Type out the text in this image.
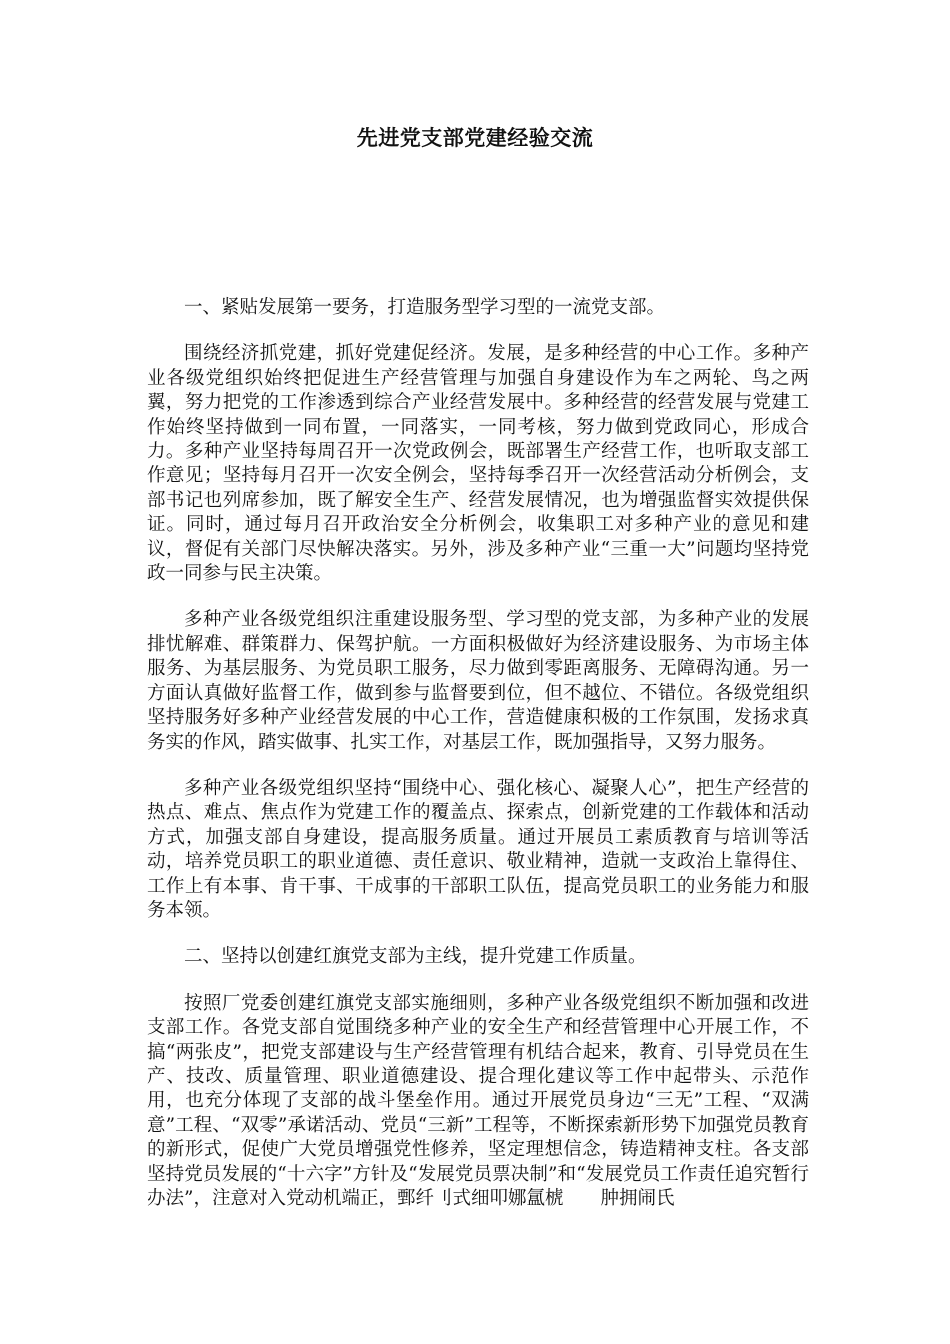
先进党支部党建经验交流

一、紧贴发展第一要务，打造服务型学习型的一流党支部。

围绕经济抓党建，抓好党建促经济。发展，是多种经营的中心工作。多种产业各级党组织始终把促进生产经营管理与加强自身建设作为车之两轮、鸟之两翼，努力把党的工作渗透到综合产业经营发展中。多种经营的经营发展与党建工作始终坚持做到一同布置，一同落实，一同考核，努力做到党政同心，形成合力。多种产业坚持每周召开一次党政例会，既部署生产经营工作，也听取支部工作意见；坚持每月召开一次安全例会，坚持每季召开一次经营活动分析例会，支部书记也列席参加，既了解安全生产、经营发展情况，也为增强监督实效提供保证。同时，通过每月召开政治安全分析例会，收集职工对多种产业的意见和建议，督促有关部门尽快解决落实。另外，涉及多种产业“三重一大”问题均坚持党政一同参与民主决策。

多种产业各级党组织注重建设服务型、学习型的党支部，为多种产业的发展排忧解难、群策群力、保驾护航。一方面积极做好为经济建设服务、为市场主体服务、为基层服务、为党员职工服务，尽力做到零距离服务、无障碍沟通。另一方面认真做好监督工作，做到参与监督要到位，但不越位、不错位。各级党组织坚持服务好多种产业经营发展的中心工作，营造健康积极的工作氛围，发扬求真务实的作风，踏实做事、扎实工作，对基层工作，既加强指导，又努力服务。

多种产业各级党组织坚持“围绕中心、强化核心、凝聚人心”，把生产经营的热点、难点、焦点作为党建工作的覆盖点、探索点，创新党建的工作载体和活动方式，加强支部自身建设，提高服务质量。通过开展员工素质教育与培训等活动，培养党员职工的职业道德、责任意识、敬业精神，造就一支政治上靠得住、工作上有本事、肯干事、干成事的干部职工队伍，提高党员职工的业务能力和服务本领。

二、坚持以创建红旗党支部为主线，提升党建工作质量。

按照厂党委创建红旗党支部实施细则，多种产业各级党组织不断加强和改进支部工作。各党支部自觉围绕多种产业的安全生产和经营管理中心开展工作，不搞“两张皮”，把党支部建设与生产经营管理有机结合起来，教育、引导党员在生产、技改、质量管理、职业道德建设、提合理化建议等工作中起带头、示范作用，也充分体现了支部的战斗堡垒作用。通过开展党员身边“三无”工程、“双满意”工程、“双零”承诺活动、党员“三新”工程等，不断探索新形势下加强党员教育的新形式，促使广大党员增强党性修养，坚定理想信念，铸造精神支柱。各支部坚持党员发展的“十六字”方针及“发展党员票决制”和“发展党员工作责任追究暂行办法”，注意对入党动机端正，鄄纤刂式细叩娜氲椃　　肿拥闹氏
